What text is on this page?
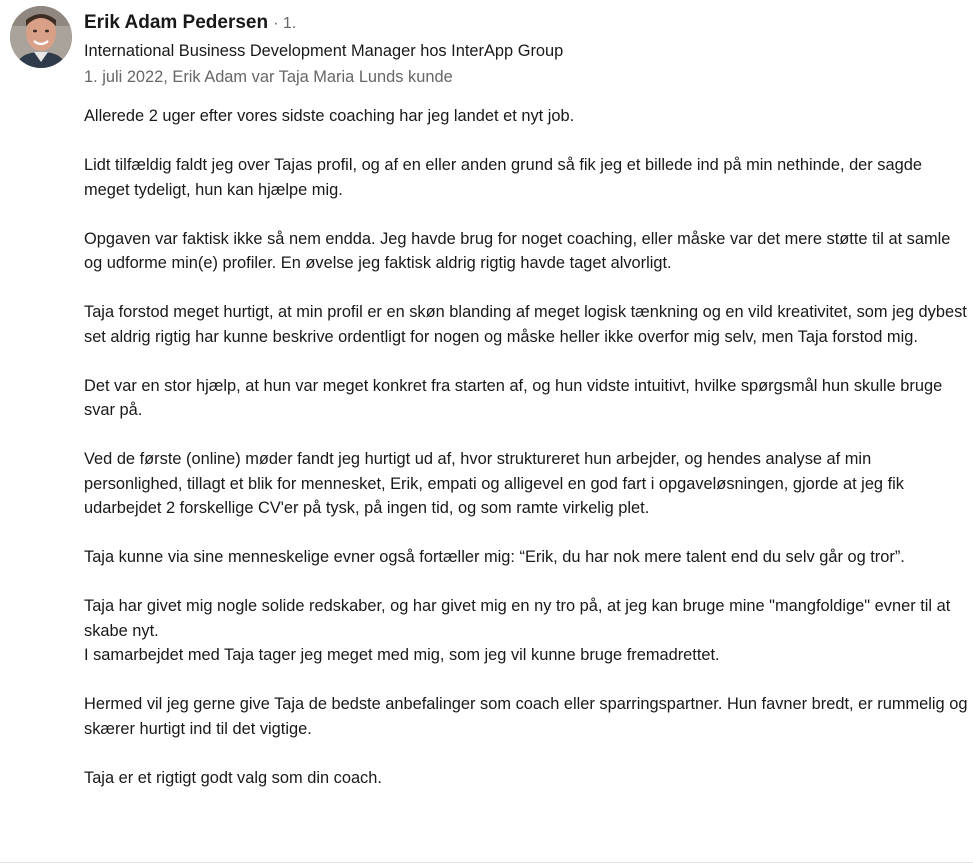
Erik Adam Pedersen · 1.
International Business Development Manager hos InterApp Group
1. juli 2022, Erik Adam var Taja Maria Lunds kunde

Allerede 2 uger efter vores sidste coaching har jeg landet et nyt job.

Lidt tilfældig faldt jeg over Tajas profil, og af en eller anden grund så fik jeg et billede ind på min nethinde, der sagde meget tydeligt, hun kan hjælpe mig.

Opgaven var faktisk ikke så nem endda. Jeg havde brug for noget coaching, eller måske var det mere støtte til at samle og udforme min(e) profiler. En øvelse jeg faktisk aldrig rigtig havde taget alvorligt.

Taja forstod meget hurtigt, at min profil er en skøn blanding af meget logisk tænkning og en vild kreativitet, som jeg dybest set aldrig rigtig har kunne beskrive ordentligt for nogen og måske heller ikke overfor mig selv, men Taja forstod mig.

Det var en stor hjælp, at hun var meget konkret fra starten af, og hun vidste intuitivt, hvilke spørgsmål hun skulle bruge svar på.

Ved de første (online) møder fandt jeg hurtigt ud af, hvor struktureret hun arbejder, og hendes analyse af min personlighed, tillagt et blik for mennesket, Erik, empati og alligevel en god fart i opgaveløsningen, gjorde at jeg fik udarbejdet 2 forskellige CV'er på tysk, på ingen tid, og som ramte virkelig plet.

Taja kunne via sine menneskelige evner også fortæller mig: “Erik, du har nok mere talent end du selv går og tror”.

Taja har givet mig nogle solide redskaber, og har givet mig en ny tro på, at jeg kan bruge mine "mangfoldige" evner til at skabe nyt.
I samarbejdet med Taja tager jeg meget med mig, som jeg vil kunne bruge fremadrettet.

Hermed vil jeg gerne give Taja de bedste anbefalinger som coach eller sparringspartner. Hun favner bredt, er rummelig og skærer hurtigt ind til det vigtige.

Taja er et rigtigt godt valg som din coach.
